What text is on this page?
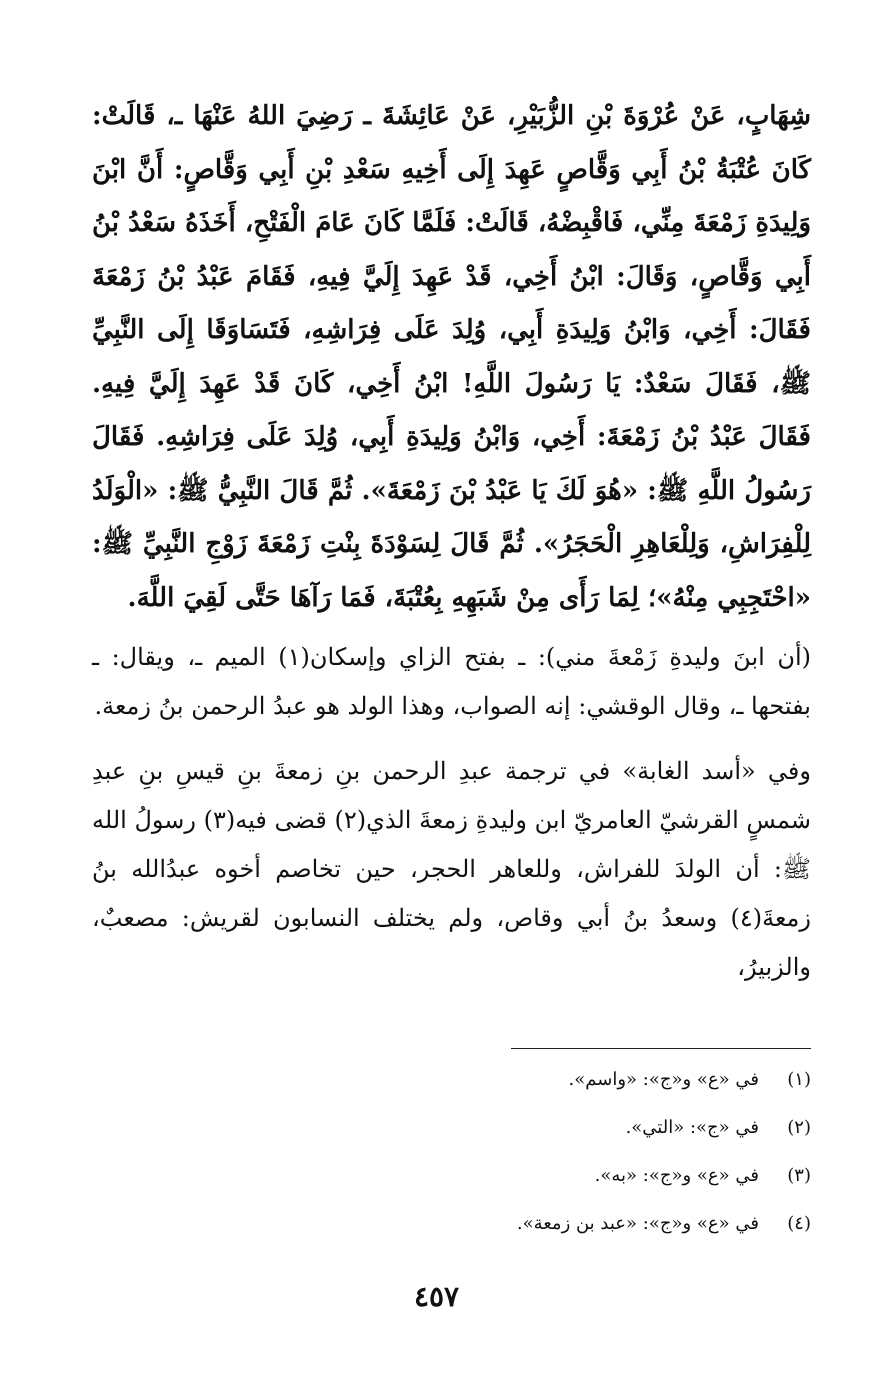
شِهَابٍ، عَنْ عُرْوَةَ بْنِ الزُّبَيْرِ، عَنْ عَائِشَةَ ـ رَضِيَ اللهُ عَنْهَا ـ، قَالَتْ: كَانَ عُتْبَةُ بْنُ أَبِي وَقَّاصٍ عَهِدَ إِلَى أَخِيهِ سَعْدِ بْنِ أَبِي وَقَّاصٍ: أَنَّ ابْنَ وَلِيدَةِ زَمْعَةَ مِنِّي، فَاقْبِضْهُ، قَالَتْ: فَلَمَّا كَانَ عَامَ الْفَتْحِ، أَخَذَهُ سَعْدُ بْنُ أَبِي وَقَّاصٍ، وَقَالَ: ابْنُ أَخِي، قَدْ عَهِدَ إِلَيَّ فِيهِ، فَقَامَ عَبْدُ بْنُ زَمْعَةَ فَقَالَ: أَخِي، وَابْنُ وَلِيدَةِ أَبِي، وُلِدَ عَلَى فِرَاشِهِ، فَتَسَاوَقَا إِلَى النَّبِيِّ ﷺ، فَقَالَ سَعْدٌ: يَا رَسُولَ اللَّهِ! ابْنُ أَخِي، كَانَ قَدْ عَهِدَ إِلَيَّ فِيهِ. فَقَالَ عَبْدُ بْنُ زَمْعَةَ: أَخِي، وَابْنُ وَلِيدَةِ أَبِي، وُلِدَ عَلَى فِرَاشِهِ. فَقَالَ رَسُولُ اللَّهِ ﷺ: «هُوَ لَكَ يَا عَبْدُ بْنَ زَمْعَةَ». ثُمَّ قَالَ النَّبِيُّ ﷺ: «الْوَلَدُ لِلْفِرَاشِ، وَلِلْعَاهِرِ الْحَجَرُ». ثُمَّ قَالَ لِسَوْدَةَ بِنْتِ زَمْعَةَ زَوْجِ النَّبِيِّ ﷺ: «احْتَجِبِي مِنْهُ»؛ لِمَا رَأَى مِنْ شَبَهِهِ بِعُتْبَةَ، فَمَا رَآهَا حَتَّى لَقِيَ اللَّهَ.

(أن ابنَ وليدةِ زَمْعةَ مني): ـ بفتح الزاي وإسكان(١) الميم ـ، ويقال: ـ بفتحها ـ، وقال الوقشي: إنه الصواب، وهذا الولد هو عبدُ الرحمن بنُ زمعة.

وفي «أسد الغابة» في ترجمة عبدِ الرحمن بنِ زمعةَ بنِ قيسِ بنِ عبدِ شمسٍ القرشيّ العامريّ ابن وليدةِ زمعةَ الذي(٢) قضى فيه(٣) رسولُ الله ﷺ: أن الولدَ للفراش، وللعاهر الحجر، حين تخاصم أخوه عبدُالله بنُ زمعةَ(٤) وسعدُ بنُ أبي وقاص، ولم يختلف النسابون لقريش: مصعبٌ، والزبيرُ،

(١)
في «ع» و«ج»: «واسم».
(٢)
في «ج»: «التي».
(٣)
في «ع» و«ج»: «به».
(٤)
في «ع» و«ج»: «عبد بن زمعة».
٤٥٧
